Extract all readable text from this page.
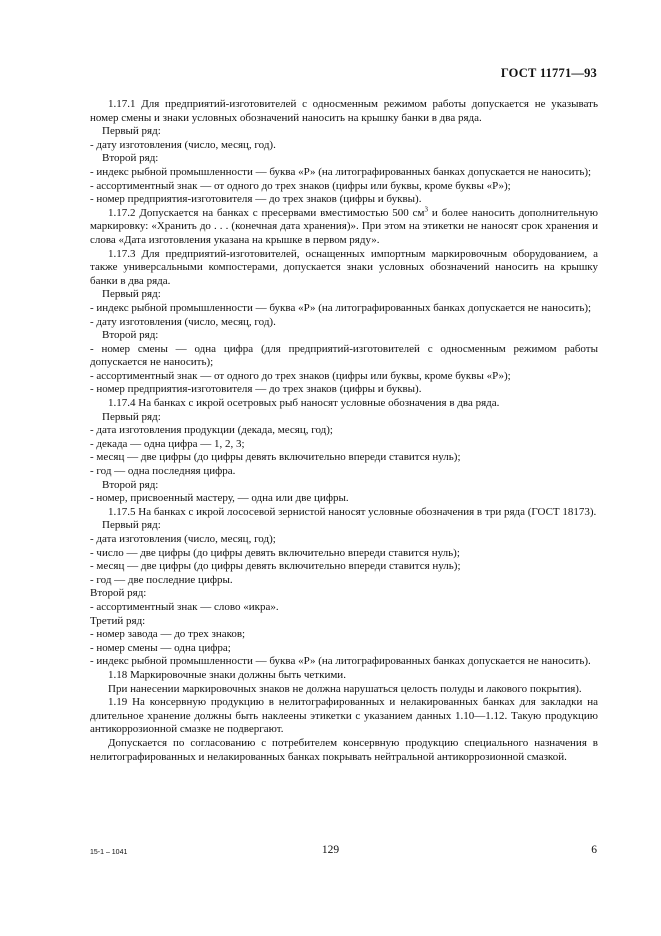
ГОСТ 11771—93

1.17.1 Для предприятий-изготовителей с односменным режимом работы допускается не указывать номер смены и знаки условных обозначений наносить на крышку банки в два ряда.

Первый ряд:

- дату изготовления (число, месяц, год).

Второй ряд:

- индекс рыбной промышленности — буква «Р» (на литографированных банках допускается не наносить);

- ассортиментный знак — от одного до трех знаков (цифры или буквы, кроме буквы «Р»);

- номер предприятия-изготовителя — до трех знаков (цифры и буквы).

1.17.2 Допускается на банках с пресервами вместимостью 500 $см^3$ и более наносить дополнительную маркировку: «Хранить до . . . (конечная дата хранения)». При этом на этикетки не наносят срок хранения и слова «Дата изготовления указана на крышке в первом ряду».

1.17.3 Для предприятий-изготовителей, оснащенных импортным маркировочным оборудованием, а также универсальными компостерами, допускается знаки условных обозначений наносить на крышку банки в два ряда.

Первый ряд:

- индекс рыбной промышленности — буква «Р» (на литографированных банках допускается не наносить);

- дату изготовления (число, месяц, год).

Второй ряд:

- номер смены — одна цифра (для предприятий-изготовителей с односменным режимом работы допускается не наносить);

- ассортиментный знак — от одного до трех знаков (цифры или буквы, кроме буквы «Р»);

- номер предприятия-изготовителя — до трех знаков (цифры и буквы).

1.17.4 На банках с икрой осетровых рыб наносят условные обозначения в два ряда.

Первый ряд:

- дата изготовления продукции (декада, месяц, год);

- декада — одна цифра — 1, 2, 3;

- месяц — две цифры (до цифры девять включительно впереди ставится нуль);

- год — одна последняя цифра.

Второй ряд:

- номер, присвоенный мастеру, — одна или две цифры.

1.17.5 На банках с икрой лососевой зернистой наносят условные обозначения в три ряда (ГОСТ 18173).

Первый ряд:

- дата изготовления (число, месяц, год);

- число — две цифры (до цифры девять включительно впереди ставится нуль);

- месяц — две цифры (до цифры девять включительно впереди ставится нуль);

- год — две последние цифры.

Второй ряд:

- ассортиментный знак — слово «икра».

Третий ряд:

- номер завода — до трех знаков;

- номер смены — одна цифра;

- индекс рыбной промышленности — буква «Р» (на литографированных банках допускается не наносить).

1.18 Маркировочные знаки должны быть четкими.

При нанесении маркировочных знаков не должна нарушаться целость полуды и лакового покрытия).

1.19 На консервную продукцию в нелитографированных и нелакированных банках для закладки на длительное хранение должны быть наклеены этикетки с указанием данных 1.10—1.12. Такую продукцию антикоррозионной смазке не подвергают.

Допускается по согласованию с потребителем консервную продукцию специального назначения в нелитографированных и нелакированных банках покрывать нейтральной антикоррозионной смазкой.

15-1 – 1041	129	6
